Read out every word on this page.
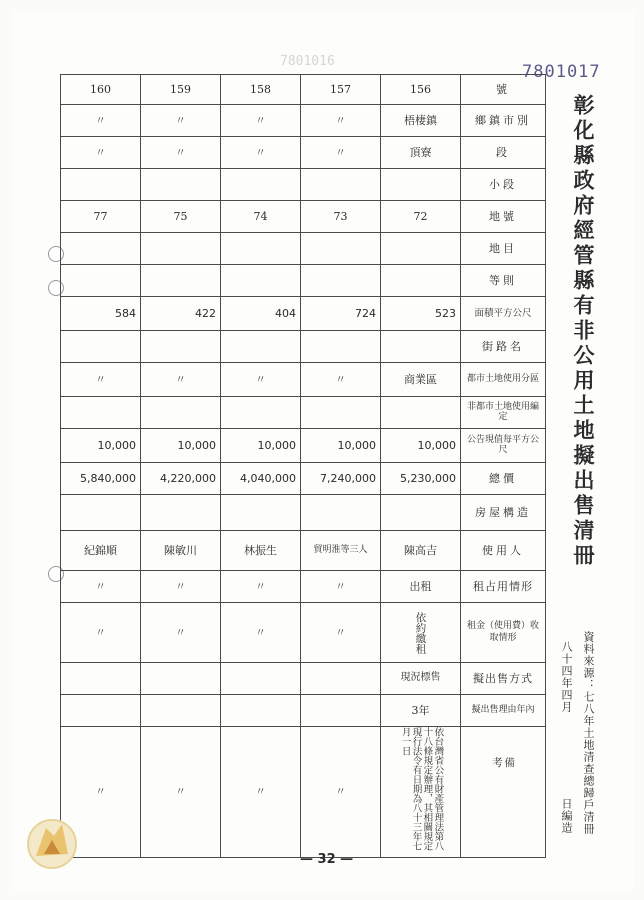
7801016
7801017
160	159	158	157	156	號
〃	〃	〃	〃	梧棲鎮	鄉鎮市別
〃	〃	〃	〃	頂寮	段
					小段
77	75	74	73	72	地號
					地目
					等則
584	422	404	724	523	面積平方公尺
					街路名
〃	〃	〃	〃	商業區	都市土地使用分區
					非都市土地使用編定
10,000	10,000	10,000	10,000	10,000	公告現值每平方公尺
5,840,000	4,220,000	4,040,000	7,240,000	5,230,000	總價
					房屋構造
紀錦順	陳敏川	林振生	貿明淮等三人	陳高吉	使用人
〃	〃	〃	〃	出租	租占用情形
〃	〃	〃	〃	依約繳租	租金（使用費）收取情形
				現況標售	擬出售方式
				3年	擬出售理由年內
〃	〃	〃	〃	依台灣省公有財產管理法第八十八條規定辦理，其相關規定現行法令有日期為八十三年七月一日	備考
彰化縣政府經管縣有非公用土地擬出售清冊
資料來源：七八年土地清查總歸戶清冊
八十四年四月
日編造
— 32 —
